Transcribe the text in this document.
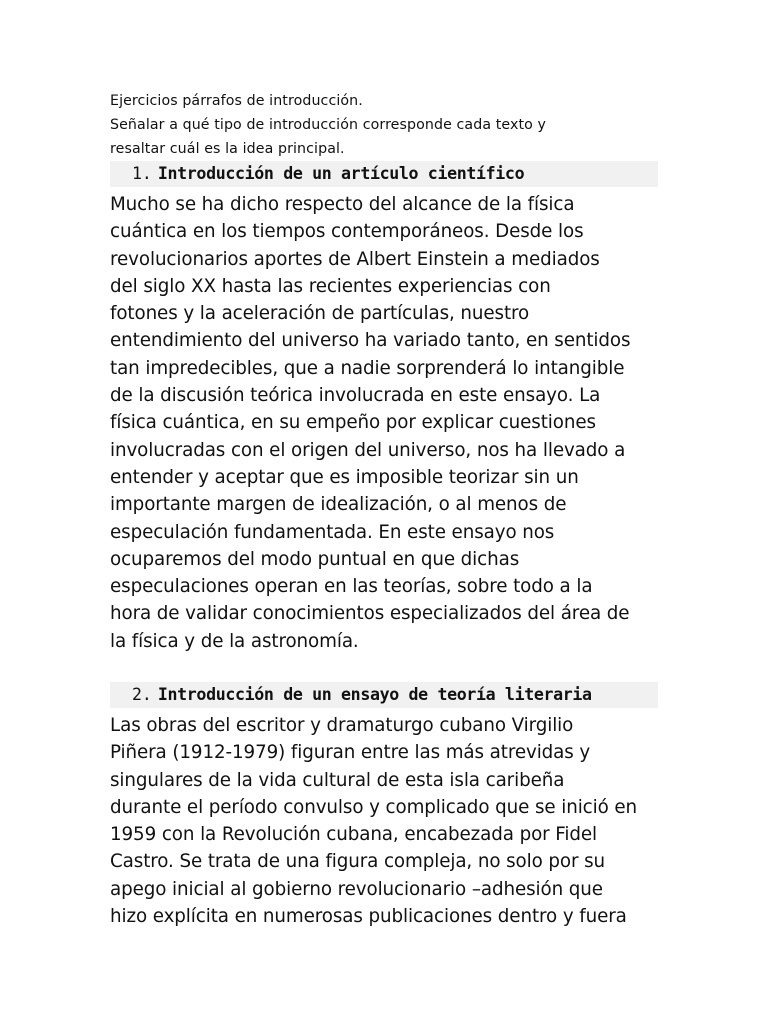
Ejercicios párrafos de introducción.
Señalar a qué tipo de introducción corresponde cada texto y
resaltar cuál es la idea principal.
1. Introducción de un artículo científico
Mucho se ha dicho respecto del alcance de la física
cuántica en los tiempos contemporáneos. Desde los
revolucionarios aportes de Albert Einstein a mediados
del siglo XX hasta las recientes experiencias con
fotones y la aceleración de partículas, nuestro
entendimiento del universo ha variado tanto, en sentidos
tan impredecibles, que a nadie sorprenderá lo intangible
de la discusión teórica involucrada en este ensayo. La
física cuántica, en su empeño por explicar cuestiones
involucradas con el origen del universo, nos ha llevado a
entender y aceptar que es imposible teorizar sin un
importante margen de idealización, o al menos de
especulación fundamentada. En este ensayo nos
ocuparemos del modo puntual en que dichas
especulaciones operan en las teorías, sobre todo a la
hora de validar conocimientos especializados del área de
la física y de la astronomía.
2. Introducción de un ensayo de teoría literaria
Las obras del escritor y dramaturgo cubano Virgilio
Piñera (1912-1979) figuran entre las más atrevidas y
singulares de la vida cultural de esta isla caribeña
durante el período convulso y complicado que se inició en
1959 con la Revolución cubana, encabezada por Fidel
Castro. Se trata de una figura compleja, no solo por su
apego inicial al gobierno revolucionario –adhesión que
hizo explícita en numerosas publicaciones dentro y fuera
